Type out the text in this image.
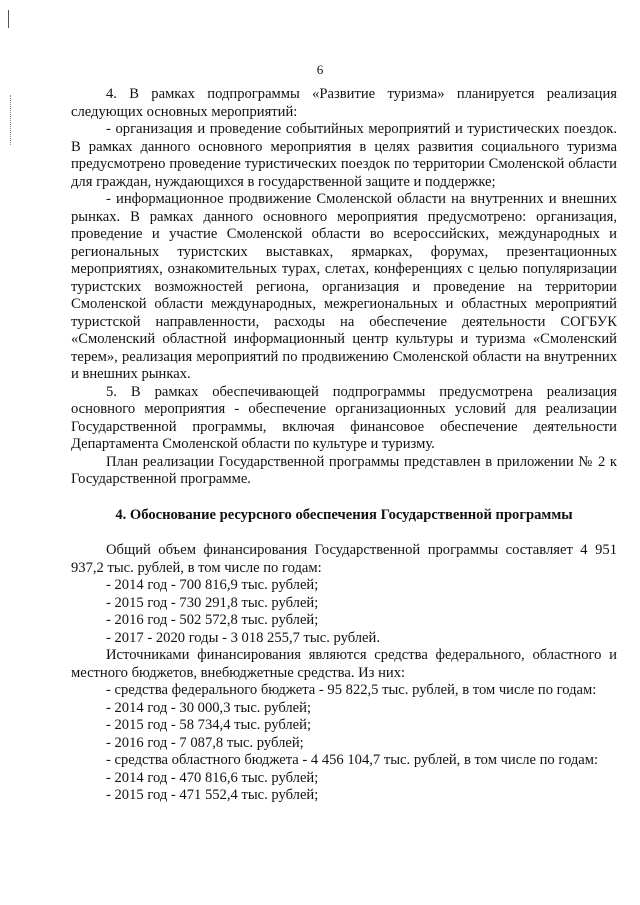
6

4. В рамках подпрограммы «Развитие туризма» планируется реализация следующих основных мероприятий:

- организация и проведение событийных мероприятий и туристических поездок. В рамках данного основного мероприятия в целях развития социального туризма предусмотрено проведение туристических поездок по территории Смоленской области для граждан, нуждающихся в государственной защите и поддержке;

- информационное продвижение Смоленской области на внутренних и внешних рынках. В рамках данного основного мероприятия предусмотрено: организация, проведение и участие Смоленской области во всероссийских, международных и региональных туристских выставках, ярмарках, форумах, презентационных мероприятиях, ознакомительных турах, слетах, конференциях с целью популяризации туристских возможностей региона, организация и проведение на территории Смоленской области международных, межрегиональных и областных мероприятий туристской направленности, расходы на обеспечение деятельности СОГБУК «Смоленский областной информационный центр культуры и туризма «Смоленский терем», реализация мероприятий по продвижению Смоленской области на внутренних и внешних рынках.

5. В рамках обеспечивающей подпрограммы предусмотрена реализация основного мероприятия - обеспечение организационных условий для реализации Государственной программы, включая финансовое обеспечение деятельности Департамента Смоленской области по культуре и туризму.

План реализации Государственной программы представлен в приложении № 2 к Государственной программе.

4. Обоснование ресурсного обеспечения Государственной программы

Общий объем финансирования Государственной программы составляет 4 951 937,2 тыс. рублей, в том числе по годам:

- 2014 год - 700 816,9 тыс. рублей;

- 2015 год - 730 291,8 тыс. рублей;

- 2016 год - 502 572,8 тыс. рублей;

- 2017 - 2020 годы - 3 018 255,7 тыс. рублей.

Источниками финансирования являются средства федерального, областного и местного бюджетов, внебюджетные средства. Из них:

- средства федерального бюджета - 95 822,5 тыс. рублей, в том числе по годам:

- 2014 год - 30 000,3 тыс. рублей;

- 2015 год - 58 734,4 тыс. рублей;

- 2016 год - 7 087,8 тыс. рублей;

- средства областного бюджета - 4 456 104,7 тыс. рублей, в том числе по годам:

- 2014 год - 470 816,6 тыс. рублей;

- 2015 год - 471 552,4 тыс. рублей;
